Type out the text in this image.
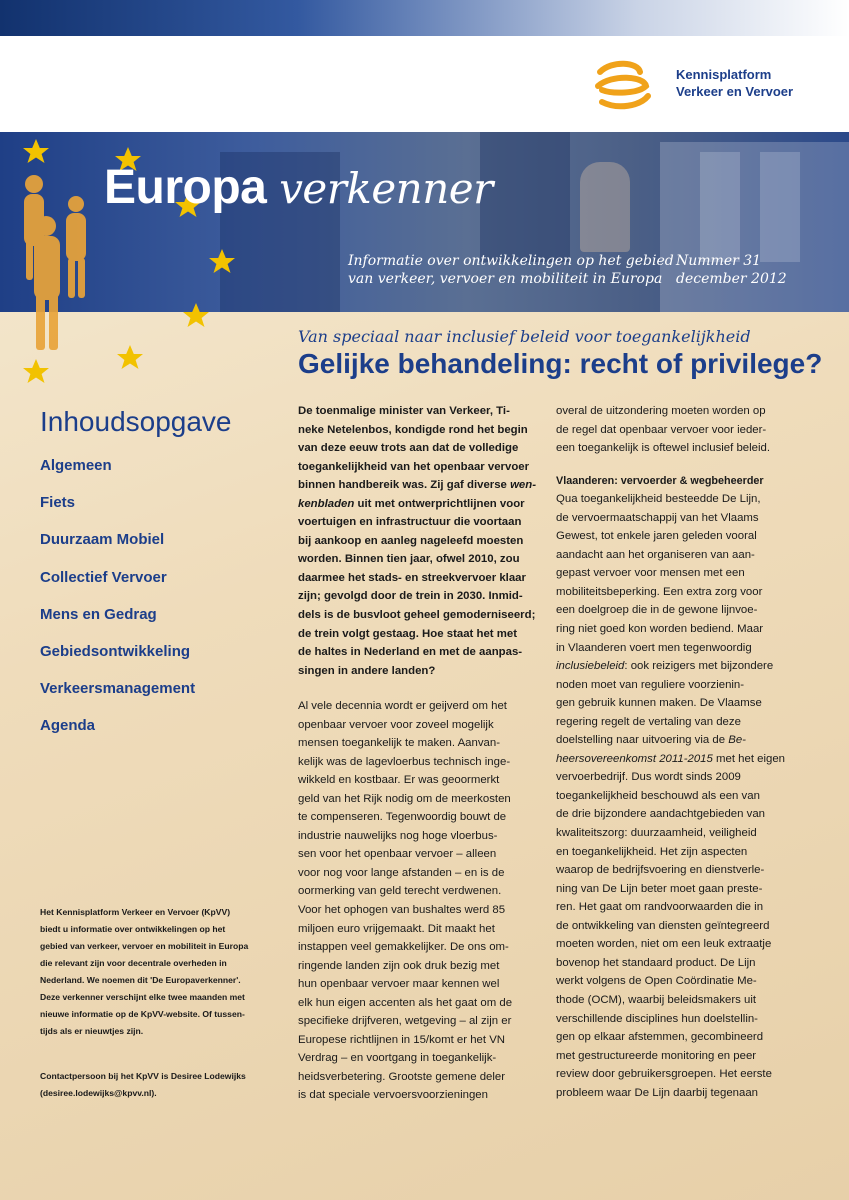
Kennisplatform
Verkeer en Vervoer
Europa verkenner
Informatie over ontwikkelingen op het gebied
van verkeer, vervoer en mobiliteit in Europa
Nummer 31
december 2012
Van speciaal naar inclusief beleid voor toegankelijkheid
Gelijke behandeling: recht of privilege?
Inhoudsopgave
Algemeen
Fiets
Duurzaam Mobiel
Collectief Vervoer
Mens en Gedrag
Gebiedsontwikkeling
Verkeersmanagement
Agenda
De toenmalige minister van Verkeer, Ti-
neke Netelenbos, kondigde rond het begin
van deze eeuw trots aan dat de volledige
toegankelijkheid van het openbaar vervoer
binnen handbereik was. Zij gaf diverse wen-
kenbladen uit met ontwerprichtlijnen voor
voertuigen en infrastructuur die voortaan
bij aankoop en aanleg nageleefd moesten
worden. Binnen tien jaar, ofwel 2010, zou
daarmee het stads- en streekvervoer klaar
zijn; gevolgd door de trein in 2030. Inmid-
dels is de busvloot geheel gemoderniseerd;
de trein volgt gestaag. Hoe staat het met
de haltes in Nederland en met de aanpas-
singen in andere landen?
Al vele decennia wordt er geijverd om het
openbaar vervoer voor zoveel mogelijk
mensen toegankelijk te maken. Aanvan-
kelijk was de lagevloerbus technisch inge-
wikkeld en kostbaar. Er was geoormerkt
geld van het Rijk nodig om de meerkosten
te compenseren. Tegenwoordig bouwt de
industrie nauwelijks nog hoge vloerbus-
sen voor het openbaar vervoer – alleen
voor nog voor lange afstanden – en is de
oormerking van geld terecht verdwenen.
Voor het ophogen van bushaltes werd 85
miljoen euro vrijgemaakt. Dit maakt het
instappen veel gemakkelijker. De ons om-
ringende landen zijn ook druk bezig met
hun openbaar vervoer maar kennen wel
elk hun eigen accenten als het gaat om de
specifieke drijfveren, wetgeving – al zijn er
Europese richtlijnen in 15/komt er het VN
Verdrag – en voortgang in toegankelijk-
heidsverbetering. Grootste gemene deler
is dat speciale vervoersvoorzieningen
overal de uitzondering moeten worden op
de regel dat openbaar vervoer voor ieder-
een toegankelijk is oftewel inclusief beleid.
Vlaanderen: vervoerder & wegbeheerder
Qua toegankelijkheid besteedde De Lijn,
de vervoermaatschappij van het Vlaams
Gewest, tot enkele jaren geleden vooral
aandacht aan het organiseren van aan-
gepast vervoer voor mensen met een
mobiliteitsbeperking. Een extra zorg voor
een doelgroep die in de gewone lijnvoe-
ring niet goed kon worden bediend. Maar
in Vlaanderen voert men tegenwoordig
inclusiebeleid: ook reizigers met bijzondere
noden moet van reguliere voorzienin-
gen gebruik kunnen maken. De Vlaamse
regering regelt de vertaling van deze
doelstelling naar uitvoering via de Be-
heersovereenkomst 2011-2015 met het eigen
vervoerbedrijf. Dus wordt sinds 2009
toegankelijkheid beschouwd als een van
de drie bijzondere aandachtgebieden van
kwaliteitszorg: duurzaamheid, veiligheid
en toegankelijkheid. Het zijn aspecten
waarop de bedrijfsvoering en dienstverle-
ning van De Lijn beter moet gaan preste-
ren. Het gaat om randvoorwaarden die in
de ontwikkeling van diensten geïntegreerd
moeten worden, niet om een leuk extraatje
bovenop het standaard product. De Lijn
werkt volgens de Open Coördinatie Me-
thode (OCM), waarbij beleidsmakers uit
verschillende disciplines hun doelstellin-
gen op elkaar afstemmen, gecombineerd
met gestructureerde monitoring en peer
review door gebruikersgroepen. Het eerste
probleem waar De Lijn daarbij tegenaan
Het Kennisplatform Verkeer en Vervoer (KpVV)
biedt u informatie over ontwikkelingen op het
gebied van verkeer, vervoer en mobiliteit in Europa
die relevant zijn voor decentrale overheden in
Nederland. We noemen dit 'De Europaverkenner'.
Deze verkenner verschijnt elke twee maanden met
nieuwe informatie op de KpVV-website. Of tussen-
tijds als er nieuwtjes zijn.
Contactpersoon bij het KpVV is Desiree Lodewijks
(desiree.lodewijks@kpvv.nl).
